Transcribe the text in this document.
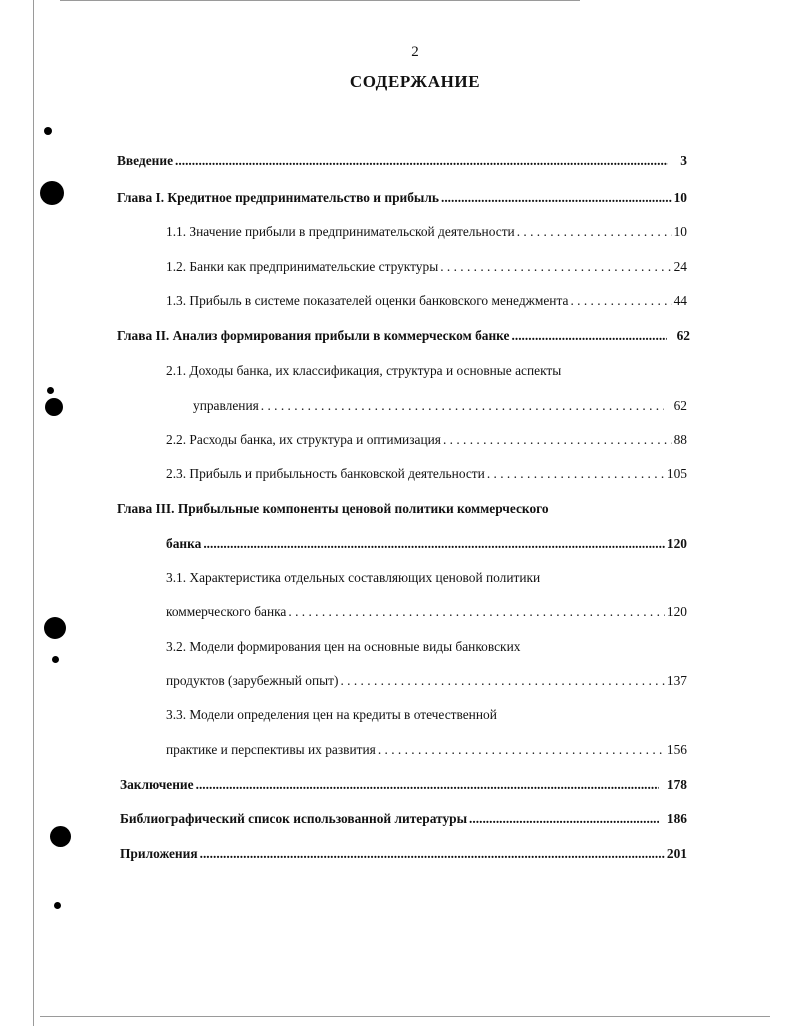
2
СОДЕРЖАНИЕ
Введение .....	3
Глава I. Кредитное предпринимательство и прибыль .....	10
1.1. Значение прибыли в предпринимательской деятельности . . .	10
1.2. Банки как предпринимательские структуры . . .	24
1.3. Прибыль в системе показателей оценки банковского менеджмента . . .	44
Глава II. Анализ формирования прибыли в коммерческом банке .....	62
2.1. Доходы банка, их классификация, структура и основные аспекты
управления . . .	62
2.2. Расходы банка, их структура и оптимизация . . .	88
2.3. Прибыль и прибыльность банковской деятельности . . .	105
Глава III. Прибыльные компоненты ценовой политики коммерческого
банка .....	120
3.1. Характеристика отдельных составляющих ценовой политики
коммерческого банка . . .	120
3.2. Модели формирования цен на основные виды банковских
продуктов (зарубежный опыт) . . .	137
3.3. Модели определения цен на кредиты в отечественной
практике и перспективы их развития . . .	156
Заключение .....	178
Библиографический список использованной литературы .....	186
Приложения .....	201
